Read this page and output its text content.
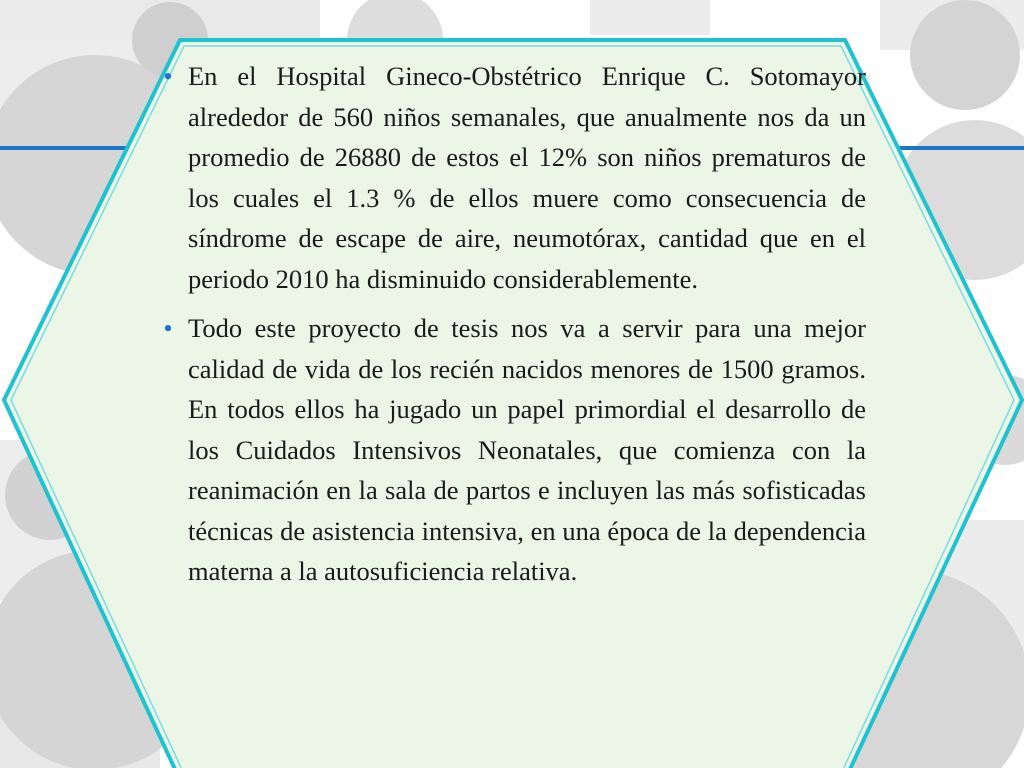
• En el Hospital Gineco-Obstétrico Enrique C. Sotomayor alrededor de 560 niños semanales, que anualmente nos da un promedio de 26880 de estos el 12% son niños prematuros de los cuales el 1.3 % de ellos muere como consecuencia de síndrome de escape de aire, neumotórax, cantidad que en el periodo 2010 ha disminuido considerablemente.
• Todo este proyecto de tesis nos va a servir para una mejor calidad de vida de los recién nacidos menores de 1500 gramos. En todos ellos ha jugado un papel primordial el desarrollo de los Cuidados Intensivos Neonatales, que comienza con la reanimación en la sala de partos e incluyen las más sofisticadas técnicas de asistencia intensiva, en una época de la dependencia materna a la autosuficiencia relativa.
